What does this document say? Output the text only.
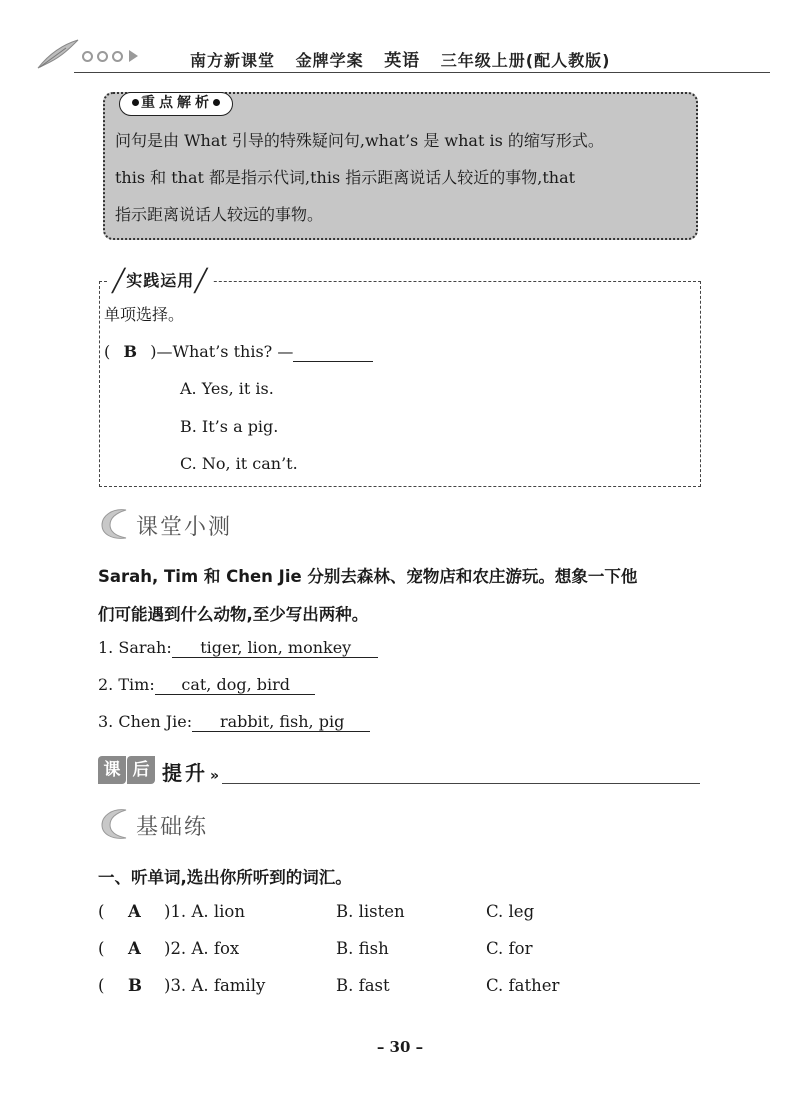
南方新课堂 金牌学案 英语 三年级上册(配人教版)
重点解析
问句是由 What 引导的特殊疑问句,what’s 是 what is 的缩写形式。
this 和 that 都是指示代词,this 指示距离说话人较近的事物,that
指示距离说话人较远的事物。
╱实践运用╱
单项选择。
( B )—What’s this? —
A. Yes, it is.
B. It’s a pig.
C. No, it can’t.
课堂小测
Sarah, Tim 和 Chen Jie 分别去森林、宠物店和农庄游玩。想象一下他
们可能遇到什么动物,至少写出两种。
1. Sarah: tiger, lion, monkey
2. Tim: cat, dog, bird
3. Chen Jie: rabbit, fish, pig
课 后 提升 »
基础练
一、听单词,选出你所听到的词汇。
( A )1. A. lion	B. listen	C. leg
( A )2. A. fox	B. fish	C. for
( B )3. A. family	B. fast	C. father
– 30 –
